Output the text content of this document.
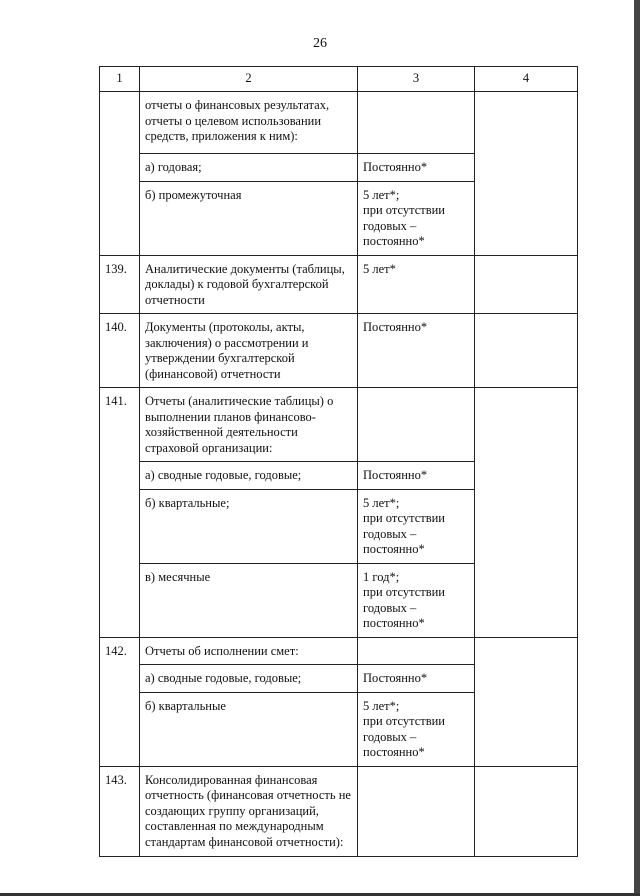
26
1	2	3	4
	отчеты о финансовых результатах,
отчеты о целевом использовании
средств, приложения к ним):		
	а) годовая;	Постоянно*	
	б) промежуточная	5 лет*;
при отсутствии
годовых –
постоянно*	
139.	Аналитические документы (таблицы,
доклады) к годовой бухгалтерской
отчетности	5 лет*	
140.	Документы (протоколы, акты,
заключения) о рассмотрении и
утверждении бухгалтерской
(финансовой) отчетности	Постоянно*	
141.	Отчеты (аналитические таблицы) о
выполнении планов финансово-
хозяйственной деятельности
страховой организации:		
	а) сводные годовые, годовые;	Постоянно*	
	б) квартальные;	5 лет*;
при отсутствии
годовых –
постоянно*	
	в) месячные	1 год*;
при отсутствии
годовых –
постоянно*	
142.	Отчеты об исполнении смет:		
	а) сводные годовые, годовые;	Постоянно*	
	б) квартальные	5 лет*;
при отсутствии
годовых –
постоянно*	
143.	Консолидированная финансовая
отчетность (финансовая отчетность не
создающих группу организаций,
составленная по международным
стандартам финансовой отчетности):		
